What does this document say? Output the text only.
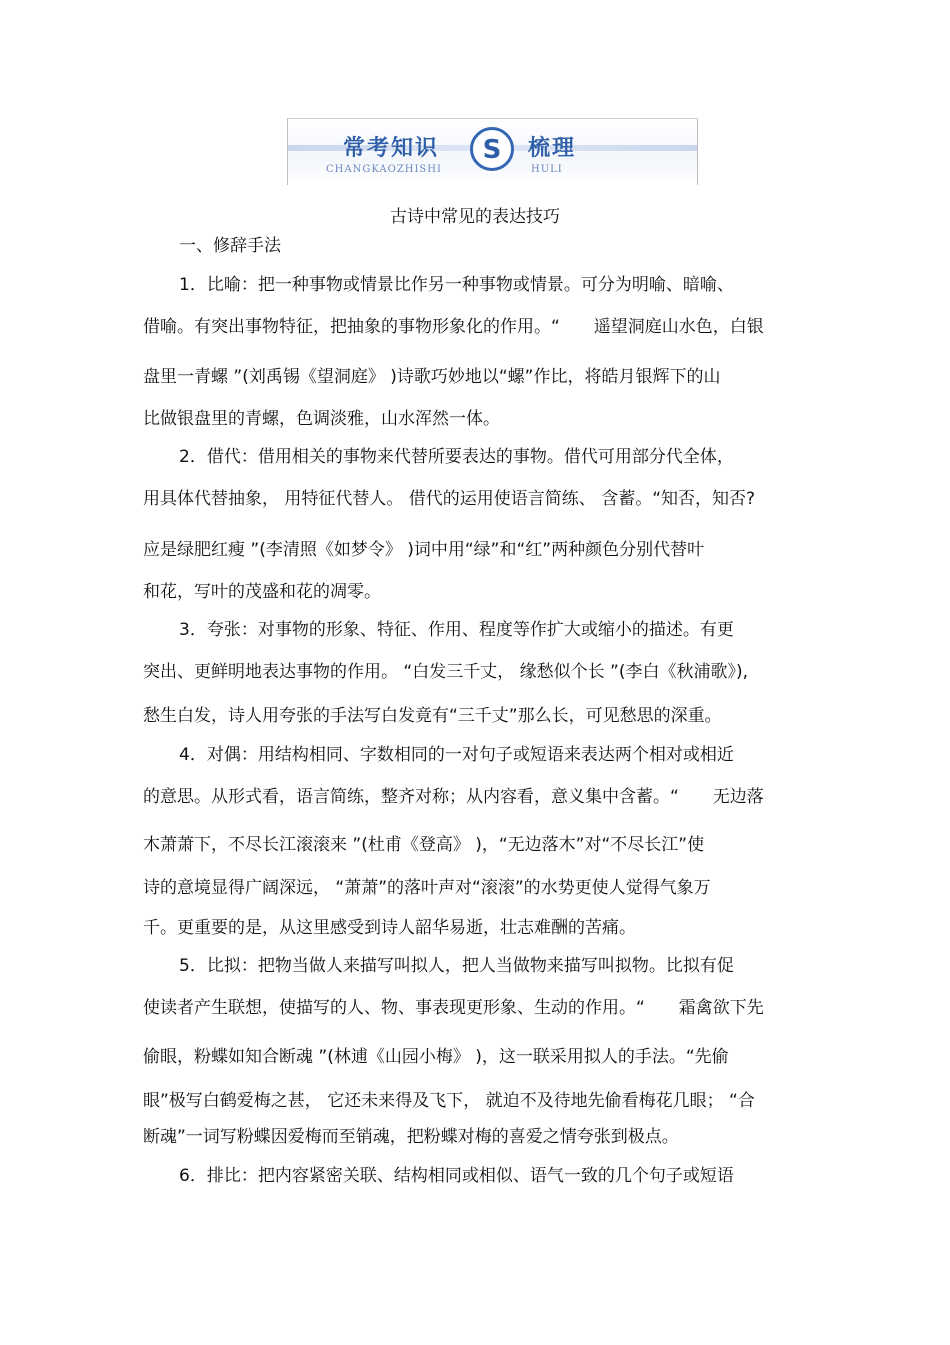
常考知识 S 梳理
CHANGKAOZHISHI	HULI
古诗中常见的表达技巧
一、修辞手法
1．比喻：把一种事物或情景比作另一种事物或情景。可分为明喻、暗喻、
借喻。有突出事物特征，把抽象的事物形象化的作用。“　　遥望洞庭山水色，白银
盘里一青螺 ”(刘禹锡《望洞庭》 )诗歌巧妙地以“螺”作比，将皓月银辉下的山
比做银盘里的青螺，色调淡雅，山水浑然一体。
2．借代：借用相关的事物来代替所要表达的事物。借代可用部分代全体，
用具体代替抽象， 用特征代替人。 借代的运用使语言简练、 含蓄。“知否，知否?
应是绿肥红瘦 ”(李清照《如梦令》 )词中用“绿”和“红”两种颜色分别代替叶
和花，写叶的茂盛和花的凋零。
3．夸张：对事物的形象、特征、作用、程度等作扩大或缩小的描述。有更
突出、更鲜明地表达事物的作用。 “白发三千丈， 缘愁似个长 ”(李白《秋浦歌》),
愁生白发，诗人用夸张的手法写白发竟有“三千丈”那么长，可见愁思的深重。
4．对偶：用结构相同、字数相同的一对句子或短语来表达两个相对或相近
的意思。从形式看，语言简练，整齐对称；从内容看，意义集中含蓄。“　　无边落
木萧萧下，不尽长江滚滚来 ”(杜甫《登高》 )，“无边落木”对“不尽长江”使
诗的意境显得广阔深远， “萧萧”的落叶声对“滚滚”的水势更使人觉得气象万
千。更重要的是，从这里感受到诗人韶华易逝，壮志难酬的苦痛。
5．比拟：把物当做人来描写叫拟人，把人当做物来描写叫拟物。比拟有促
使读者产生联想，使描写的人、物、事表现更形象、生动的作用。“　　霜禽欲下先
偷眼，粉蝶如知合断魂 ”(林逋《山园小梅》 )，这一联采用拟人的手法。“先偷
眼”极写白鹤爱梅之甚， 它还未来得及飞下， 就迫不及待地先偷看梅花几眼； “合
断魂”一词写粉蝶因爱梅而至销魂，把粉蝶对梅的喜爱之情夸张到极点。
6．排比：把内容紧密关联、结构相同或相似、语气一致的几个句子或短语
